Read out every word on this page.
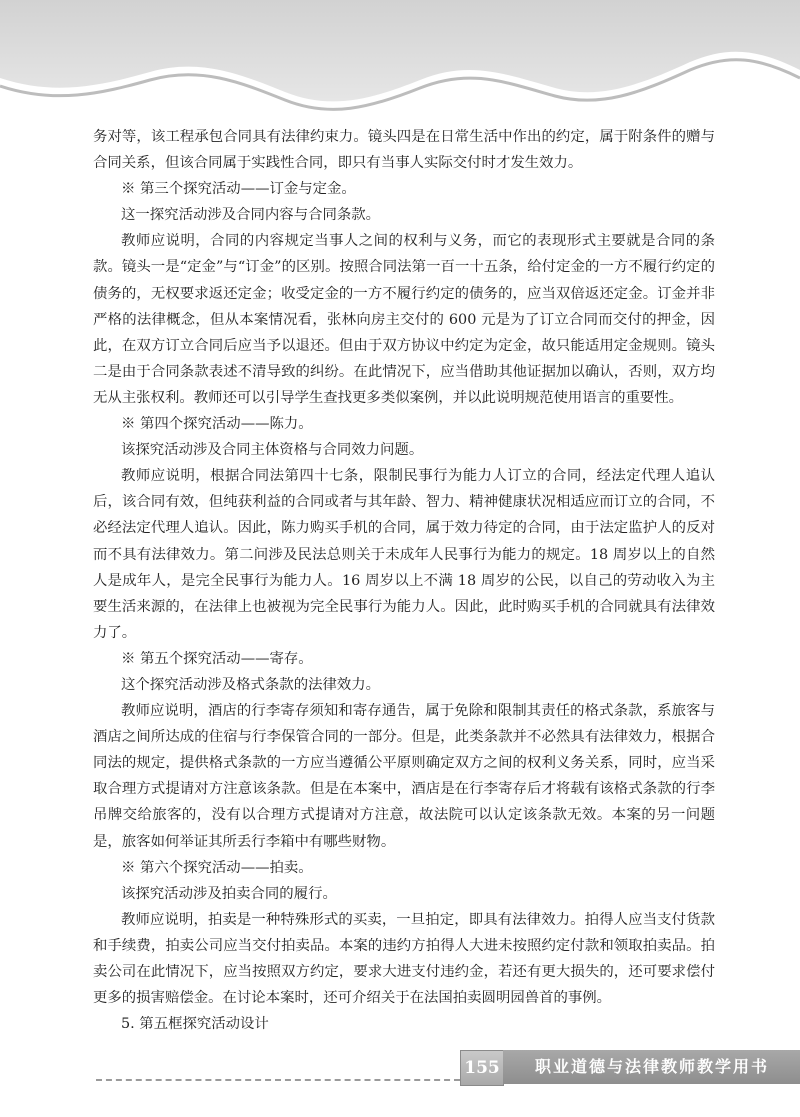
务对等，该工程承包合同具有法律约束力。镜头四是在日常生活中作出的约定，属于附条件的赠与合同关系，但该合同属于实践性合同，即只有当事人实际交付时才发生效力。

※ 第三个探究活动——订金与定金。

这一探究活动涉及合同内容与合同条款。

教师应说明，合同的内容规定当事人之间的权利与义务，而它的表现形式主要就是合同的条款。镜头一是“定金”与“订金”的区别。按照合同法第一百一十五条，给付定金的一方不履行约定的债务的，无权要求返还定金；收受定金的一方不履行约定的债务的，应当双倍返还定金。订金并非严格的法律概念，但从本案情况看，张林向房主交付的 600 元是为了订立合同而交付的押金，因此，在双方订立合同后应当予以退还。但由于双方协议中约定为定金，故只能适用定金规则。镜头二是由于合同条款表述不清导致的纠纷。在此情况下，应当借助其他证据加以确认，否则，双方均无从主张权利。教师还可以引导学生查找更多类似案例，并以此说明规范使用语言的重要性。

※ 第四个探究活动——陈力。

该探究活动涉及合同主体资格与合同效力问题。

教师应说明，根据合同法第四十七条，限制民事行为能力人订立的合同，经法定代理人追认后，该合同有效，但纯获利益的合同或者与其年龄、智力、精神健康状况相适应而订立的合同，不必经法定代理人追认。因此，陈力购买手机的合同，属于效力待定的合同，由于法定监护人的反对而不具有法律效力。第二问涉及民法总则关于未成年人民事行为能力的规定。18 周岁以上的自然人是成年人，是完全民事行为能力人。16 周岁以上不满 18 周岁的公民，以自己的劳动收入为主要生活来源的，在法律上也被视为完全民事行为能力人。因此，此时购买手机的合同就具有法律效力了。

※ 第五个探究活动——寄存。

这个探究活动涉及格式条款的法律效力。

教师应说明，酒店的行李寄存须知和寄存通告，属于免除和限制其责任的格式条款，系旅客与酒店之间所达成的住宿与行李保管合同的一部分。但是，此类条款并不必然具有法律效力，根据合同法的规定，提供格式条款的一方应当遵循公平原则确定双方之间的权利义务关系，同时，应当采取合理方式提请对方注意该条款。但是在本案中，酒店是在行李寄存后才将载有该格式条款的行李吊牌交给旅客的，没有以合理方式提请对方注意，故法院可以认定该条款无效。本案的另一问题是，旅客如何举证其所丢行李箱中有哪些财物。

※ 第六个探究活动——拍卖。

该探究活动涉及拍卖合同的履行。

教师应说明，拍卖是一种特殊形式的买卖，一旦拍定，即具有法律效力。拍得人应当支付货款和手续费，拍卖公司应当交付拍卖品。本案的违约方拍得人大进未按照约定付款和领取拍卖品。拍卖公司在此情况下，应当按照双方约定，要求大进支付违约金，若还有更大损失的，还可要求偿付更多的损害赔偿金。在讨论本案时，还可介绍关于在法国拍卖圆明园兽首的事例。

5. 第五框探究活动设计

155	职业道德与法律教师教学用书
